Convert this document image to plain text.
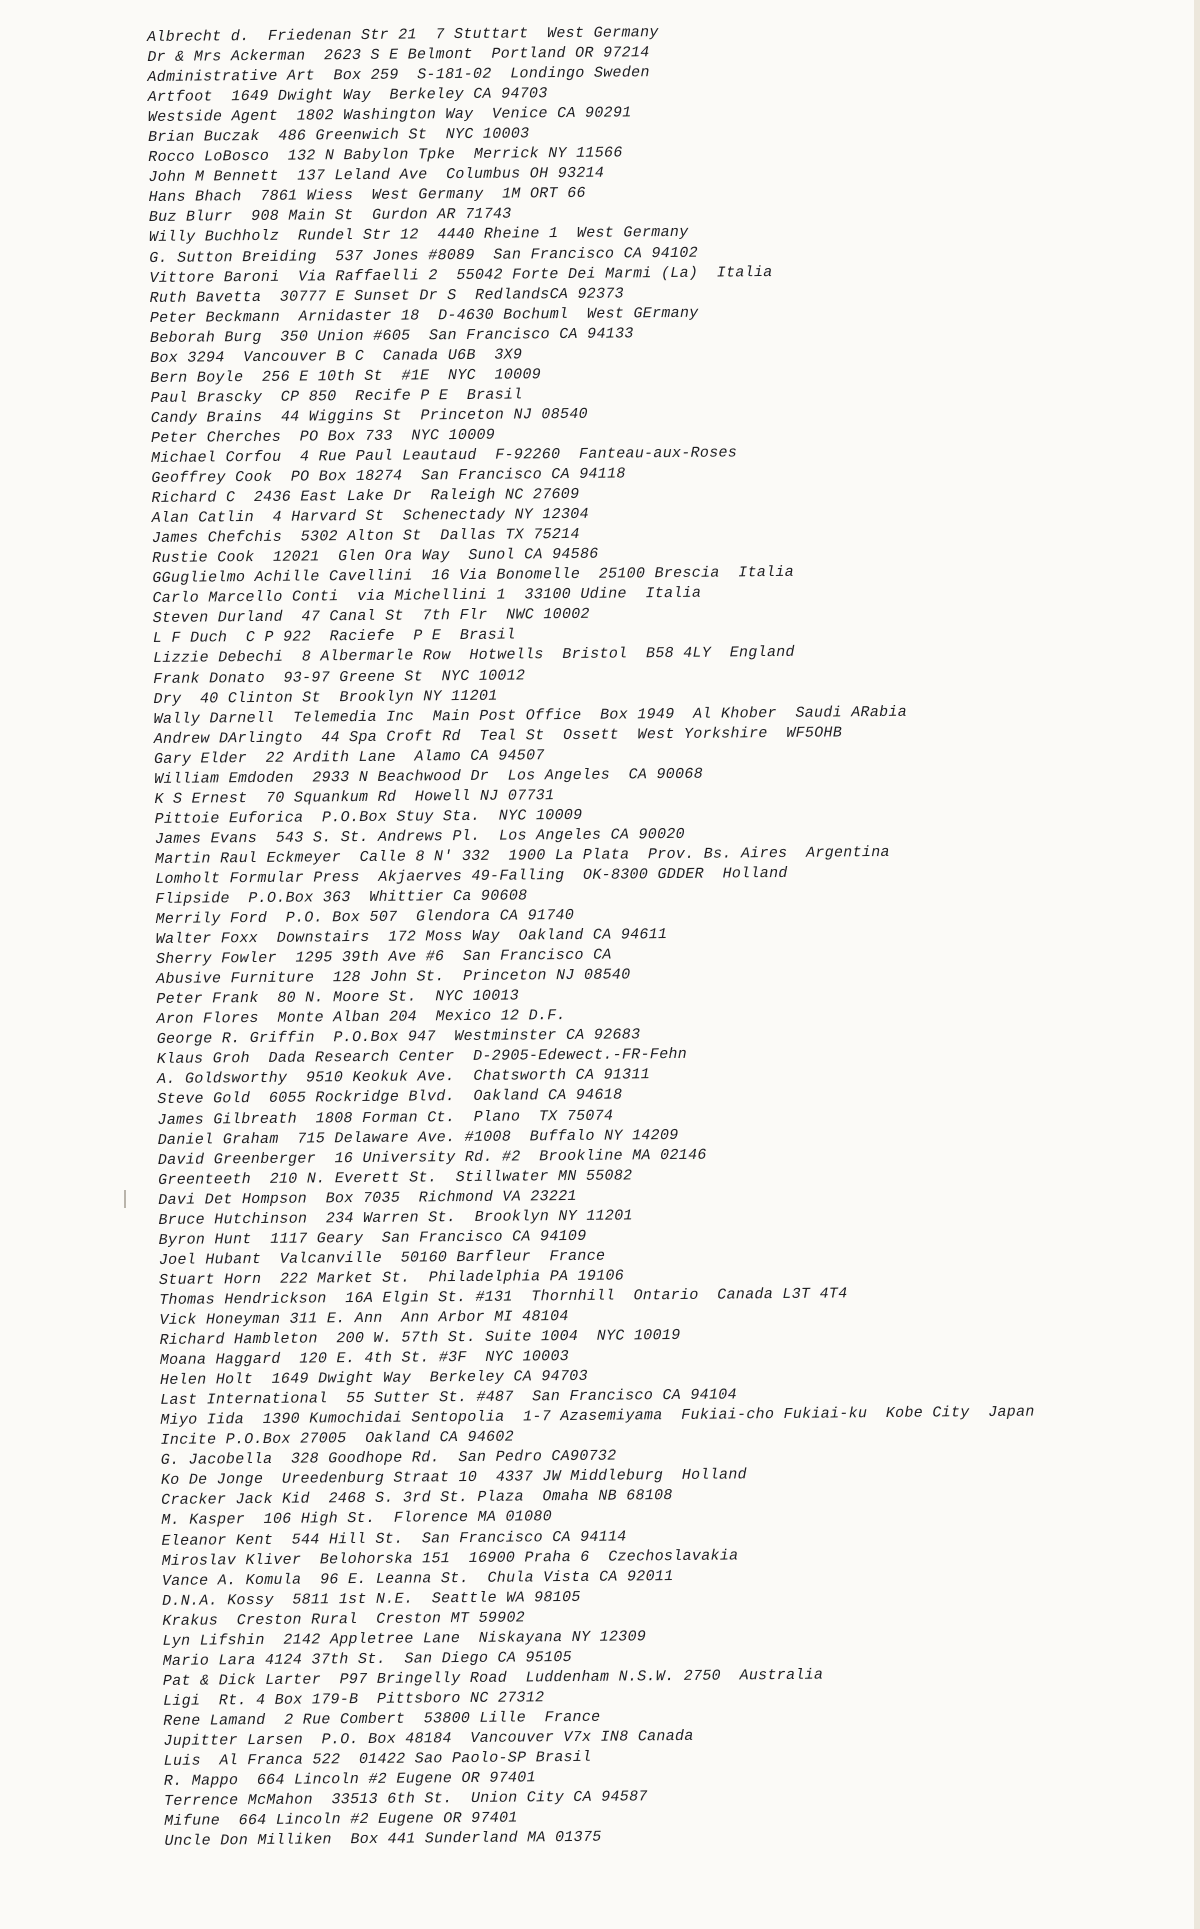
Albrecht d.  Friedenan Str 21  7 Stuttart  West Germany
Dr & Mrs Ackerman  2623 S E Belmont  Portland OR 97214
Administrative Art  Box 259  S-181-02  Londingo Sweden
Artfoot  1649 Dwight Way  Berkeley CA 94703
Westside Agent  1802 Washington Way  Venice CA 90291
Brian Buczak  486 Greenwich St  NYC 10003
Rocco LoBosco  132 N Babylon Tpke  Merrick NY 11566
John M Bennett  137 Leland Ave  Columbus OH 93214
Hans Bhach  7861 Wiess  West Germany  1M ORT 66
Buz Blurr  908 Main St  Gurdon AR 71743
Willy Buchholz  Rundel Str 12  4440 Rheine 1  West Germany
G. Sutton Breiding  537 Jones #8089  San Francisco CA 94102
Vittore Baroni  Via Raffaelli 2  55042 Forte Dei Marmi (La)  Italia
Ruth Bavetta  30777 E Sunset Dr S  RedlandsCA 92373
Peter Beckmann  Arnidaster 18  D-4630 Bochuml  West GErmany
Beborah Burg  350 Union #605  San Francisco CA 94133
Box 3294  Vancouver B C  Canada U6B  3X9
Bern Boyle  256 E 10th St  #1E  NYC  10009
Paul Brascky  CP 850  Recife P E  Brasil
Candy Brains  44 Wiggins St  Princeton NJ 08540
Peter Cherches  PO Box 733  NYC 10009
Michael Corfou  4 Rue Paul Leautaud  F-92260  Fanteau-aux-Roses
Geoffrey Cook  PO Box 18274  San Francisco CA 94118
Richard C  2436 East Lake Dr  Raleigh NC 27609
Alan Catlin  4 Harvard St  Schenectady NY 12304
James Chefchis  5302 Alton St  Dallas TX 75214
Rustie Cook  12021  Glen Ora Way  Sunol CA 94586
GGuglielmo Achille Cavellini  16 Via Bonomelle  25100 Brescia  Italia
Carlo Marcello Conti  via Michellini 1  33100 Udine  Italia
Steven Durland  47 Canal St  7th Flr  NWC 10002
L F Duch  C P 922  Raciefe  P E  Brasil
Lizzie Debechi  8 Albermarle Row  Hotwells  Bristol  B58 4LY  England
Frank Donato  93-97 Greene St  NYC 10012
Dry  40 Clinton St  Brooklyn NY 11201
Wally Darnell  Telemedia Inc  Main Post Office  Box 1949  Al Khober  Saudi ARabia
Andrew DArlingto  44 Spa Croft Rd  Teal St  Ossett  West Yorkshire  WF5OHB
Gary Elder  22 Ardith Lane  Alamo CA 94507
William Emdoden  2933 N Beachwood Dr  Los Angeles  CA 90068
K S Ernest  70 Squankum Rd  Howell NJ 07731
Pittoie Euforica  P.O.Box Stuy Sta.  NYC 10009
James Evans  543 S. St. Andrews Pl.  Los Angeles CA 90020
Martin Raul Eckmeyer  Calle 8 N' 332  1900 La Plata  Prov. Bs. Aires  Argentina
Lomholt Formular Press  Akjaerves 49-Falling  OK-8300 GDDER  Holland
Flipside  P.O.Box 363  Whittier Ca 90608
Merrily Ford  P.O. Box 507  Glendora CA 91740
Walter Foxx  Downstairs  172 Moss Way  Oakland CA 94611
Sherry Fowler  1295 39th Ave #6  San Francisco CA
Abusive Furniture  128 John St.  Princeton NJ 08540
Peter Frank  80 N. Moore St.  NYC 10013
Aron Flores  Monte Alban 204  Mexico 12 D.F.
George R. Griffin  P.O.Box 947  Westminster CA 92683
Klaus Groh  Dada Research Center  D-2905-Edewect.-FR-Fehn
A. Goldsworthy  9510 Keokuk Ave.  Chatsworth CA 91311
Steve Gold  6055 Rockridge Blvd.  Oakland CA 94618
James Gilbreath  1808 Forman Ct.  Plano  TX 75074
Daniel Graham  715 Delaware Ave. #1008  Buffalo NY 14209
David Greenberger  16 University Rd. #2  Brookline MA 02146
Greenteeth  210 N. Everett St.  Stillwater MN 55082
Davi Det Hompson  Box 7035  Richmond VA 23221
Bruce Hutchinson  234 Warren St.  Brooklyn NY 11201
Byron Hunt  1117 Geary  San Francisco CA 94109
Joel Hubant  Valcanville  50160 Barfleur  France
Stuart Horn  222 Market St.  Philadelphia PA 19106
Thomas Hendrickson  16A Elgin St. #131  Thornhill  Ontario  Canada L3T 4T4
Vick Honeyman 311 E. Ann  Ann Arbor MI 48104
Richard Hambleton  200 W. 57th St. Suite 1004  NYC 10019
Moana Haggard  120 E. 4th St. #3F  NYC 10003
Helen Holt  1649 Dwight Way  Berkeley CA 94703
Last International  55 Sutter St. #487  San Francisco CA 94104
Miyo Iida  1390 Kumochidai Sentopolia  1-7 Azasemiyama  Fukiai-cho Fukiai-ku  Kobe City  Japan
Incite P.O.Box 27005  Oakland CA 94602
G. Jacobella  328 Goodhope Rd.  San Pedro CA90732
Ko De Jonge  Ureedenburg Straat 10  4337 JW Middleburg  Holland
Cracker Jack Kid  2468 S. 3rd St. Plaza  Omaha NB 68108
M. Kasper  106 High St.  Florence MA 01080
Eleanor Kent  544 Hill St.  San Francisco CA 94114
Miroslav Kliver  Belohorska 151  16900 Praha 6  Czechoslavakia
Vance A. Komula  96 E. Leanna St.  Chula Vista CA 92011
D.N.A. Kossy  5811 1st N.E.  Seattle WA 98105
Krakus  Creston Rural  Creston MT 59902
Lyn Lifshin  2142 Appletree Lane  Niskayana NY 12309
Mario Lara 4124 37th St.  San Diego CA 95105
Pat & Dick Larter  P97 Bringelly Road  Luddenham N.S.W. 2750  Australia
Ligi  Rt. 4 Box 179-B  Pittsboro NC 27312
Rene Lamand  2 Rue Combert  53800 Lille  France
Jupitter Larsen  P.O. Box 48184  Vancouver V7x IN8 Canada
Luis  Al Franca 522  01422 Sao Paolo-SP Brasil
R. Mappo  664 Lincoln #2 Eugene OR 97401
Terrence McMahon  33513 6th St.  Union City CA 94587
Mifune  664 Lincoln #2 Eugene OR 97401
Uncle Don Milliken  Box 441 Sunderland MA 01375
